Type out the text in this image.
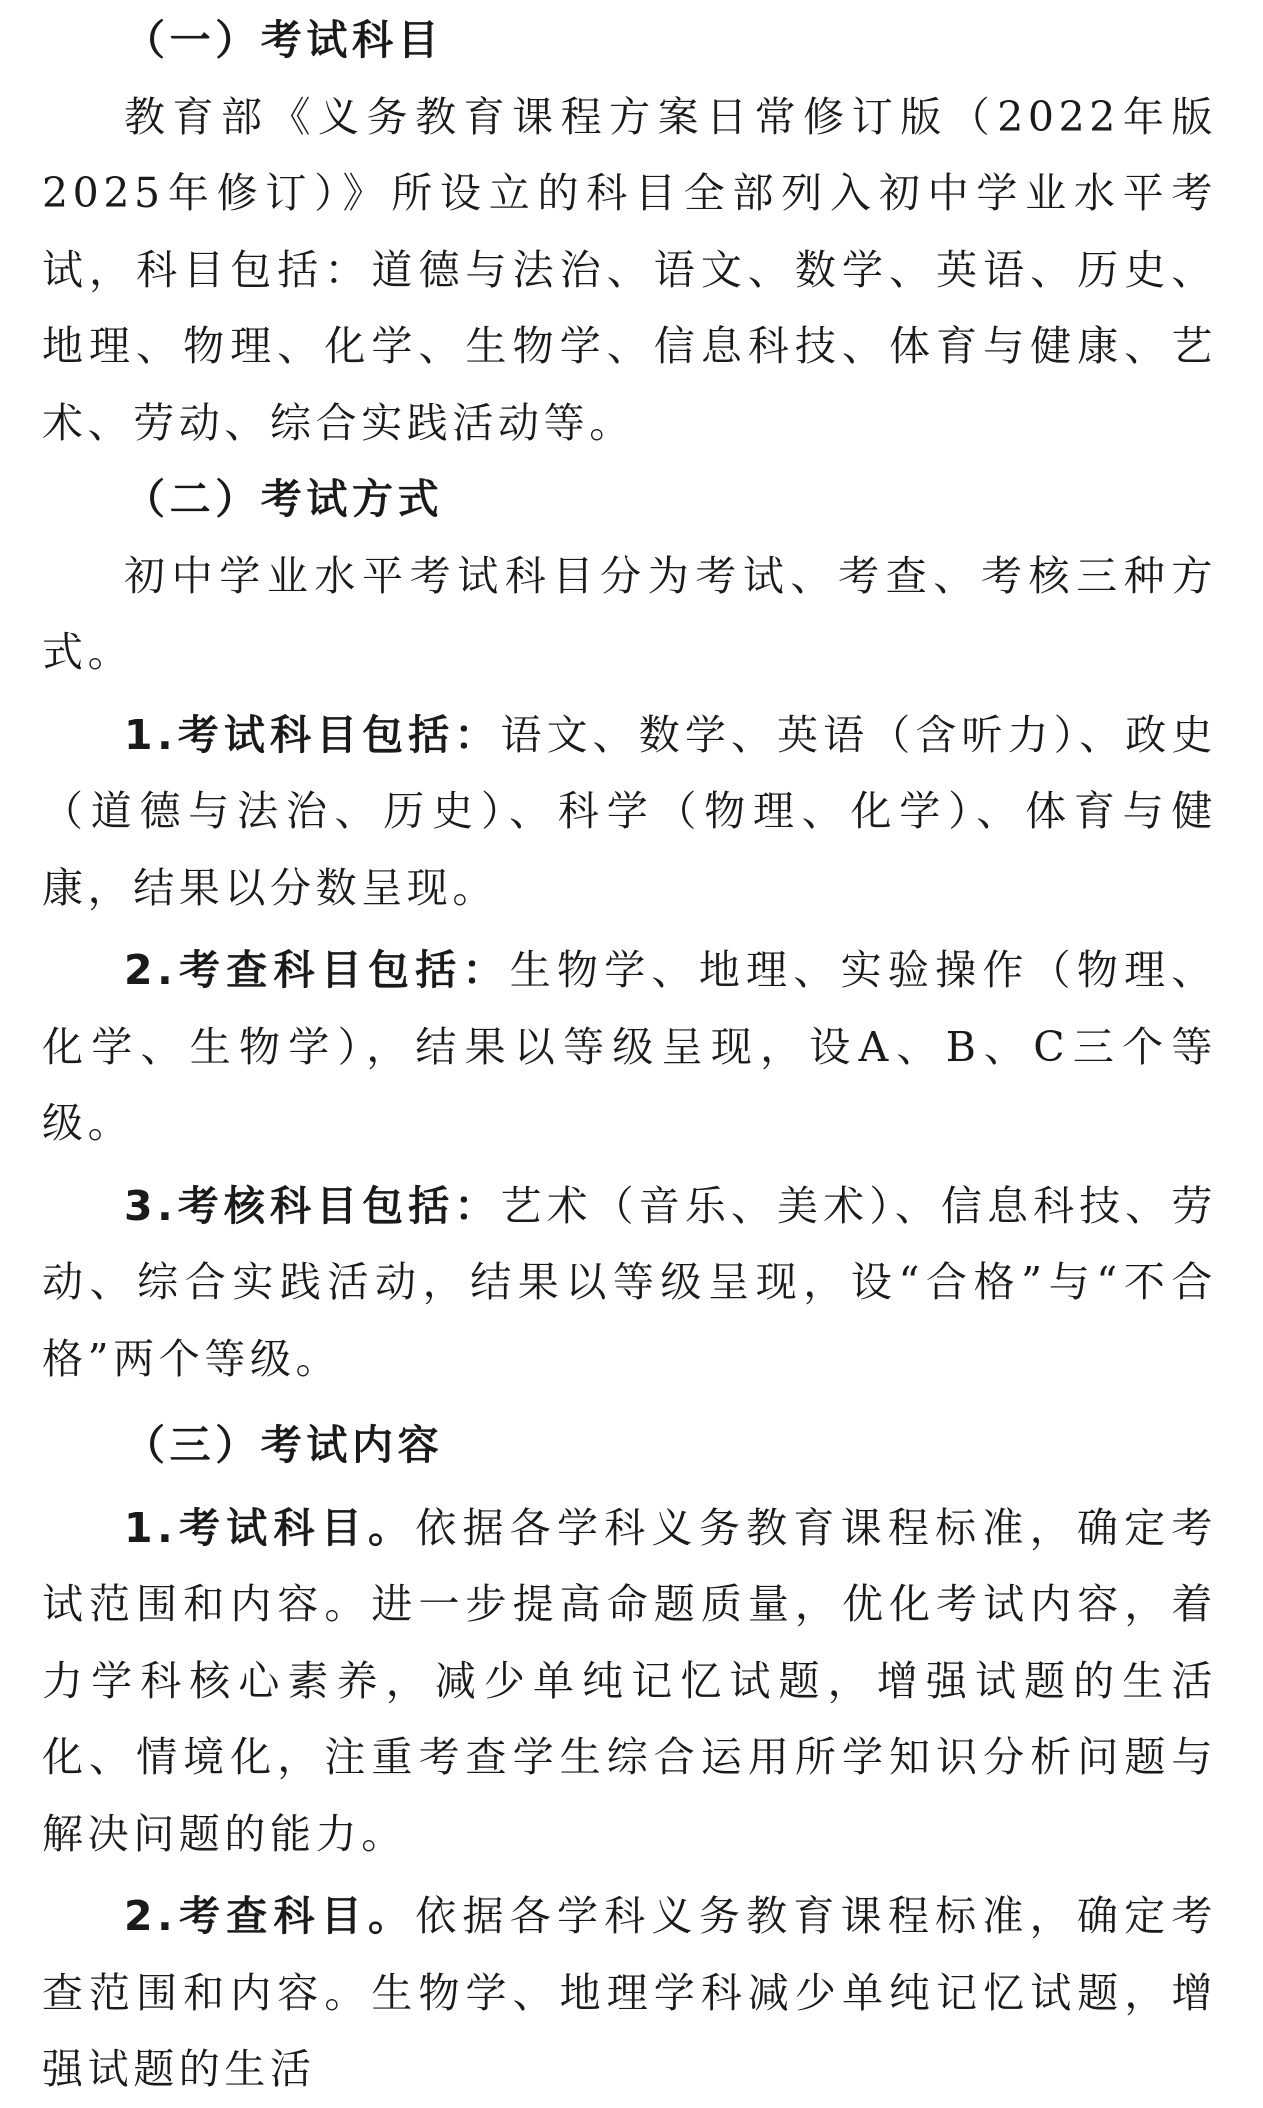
（一）考试科目

教育部《义务教育课程方案日常修订版（2022年版2025年修订）》所设立的科目全部列入初中学业水平考试，科目包括：道德与法治、语文、数学、英语、历史、地理、物理、化学、生物学、信息科技、体育与健康、艺术、劳动、综合实践活动等。

（二）考试方式

初中学业水平考试科目分为考试、考查、考核三种方式。

1.考试科目包括：语文、数学、英语（含听力）、政史（道德与法治、历史）、科学（物理、化学）、体育与健康，结果以分数呈现。

2.考查科目包括：生物学、地理、实验操作（物理、化学、生物学），结果以等级呈现，设A、B、C三个等级。

3.考核科目包括：艺术（音乐、美术）、信息科技、劳动、综合实践活动，结果以等级呈现，设“合格”与“不合格”两个等级。

（三）考试内容

1.考试科目。依据各学科义务教育课程标准，确定考试范围和内容。进一步提高命题质量，优化考试内容，着力学科核心素养，减少单纯记忆试题，增强试题的生活化、情境化，注重考查学生综合运用所学知识分析问题与解决问题的能力。

2.考查科目。依据各学科义务教育课程标准，确定考查范围和内容。生物学、地理学科减少单纯记忆试题，增强试题的生活
